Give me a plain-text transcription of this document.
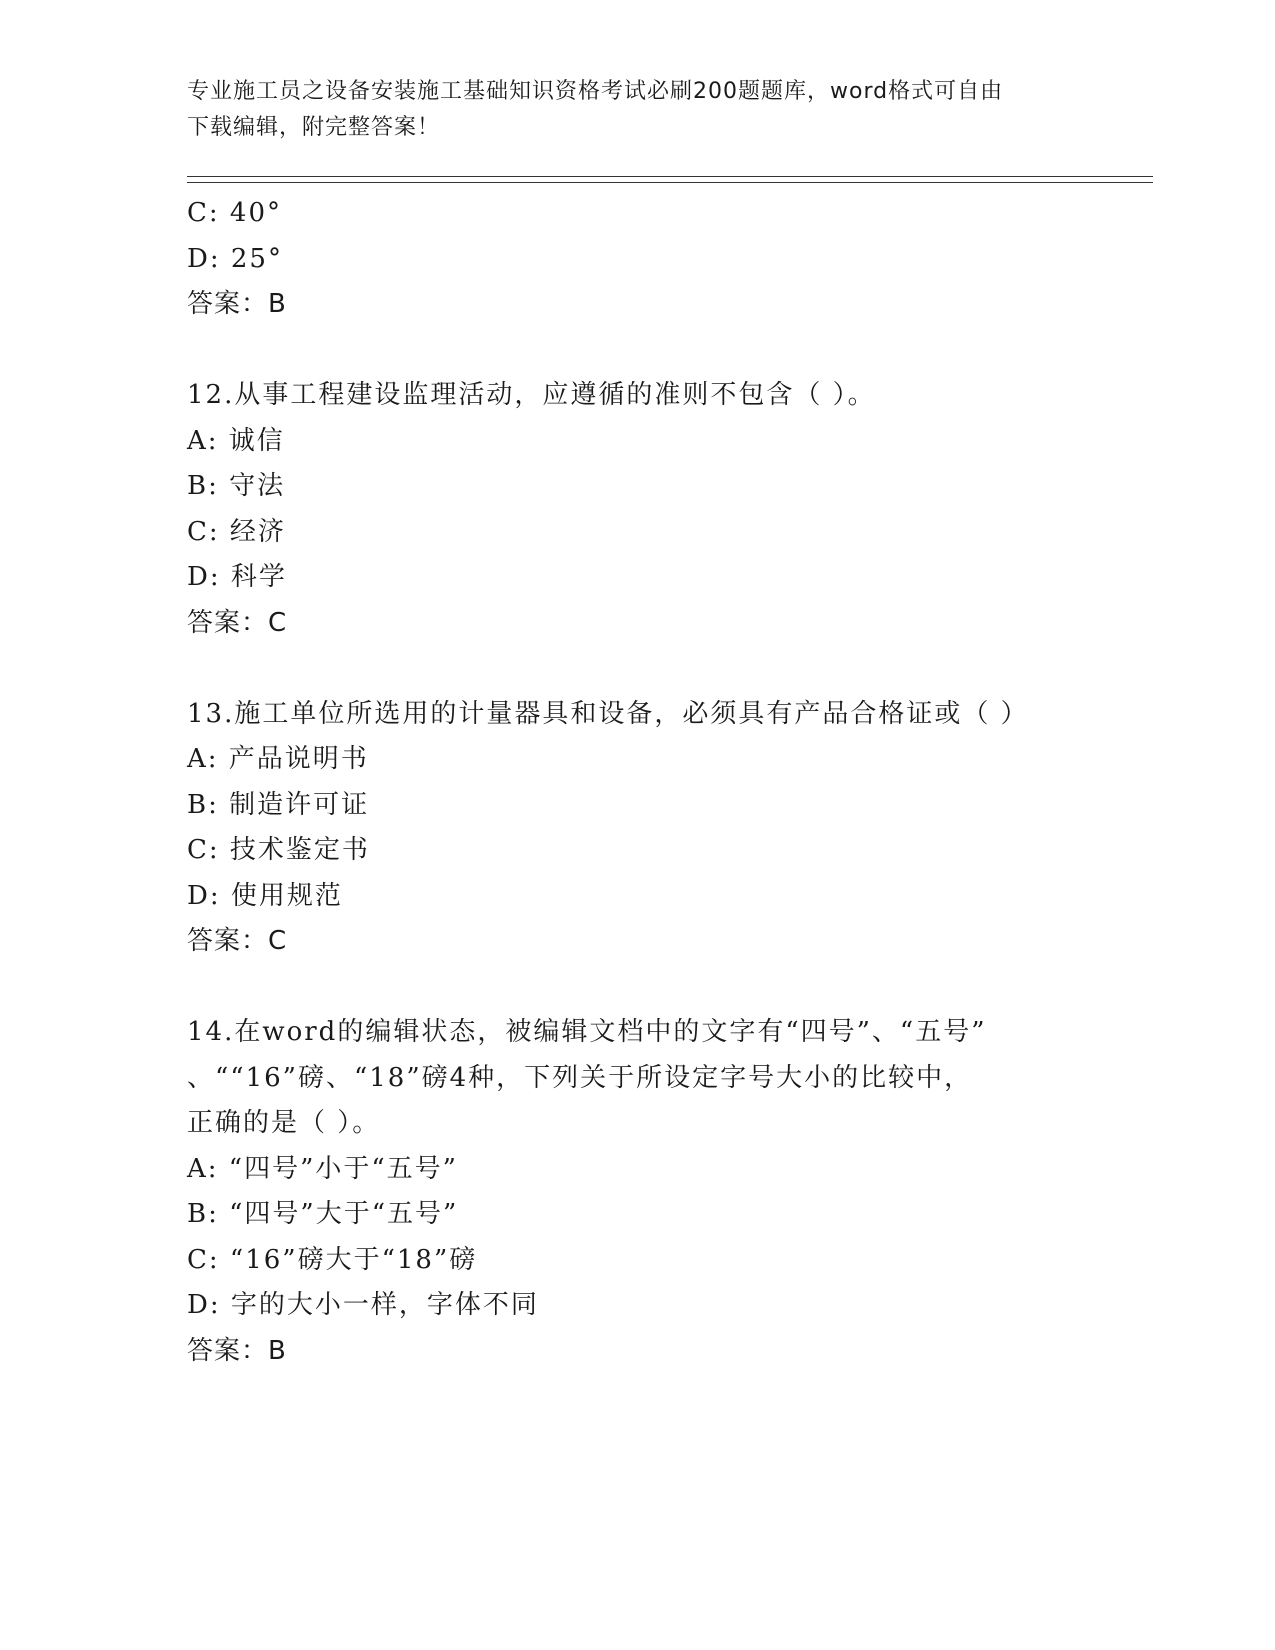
专业施工员之设备安装施工基础知识资格考试必刷200题题库，word格式可自由
下载编辑，附完整答案！
C: 40°
D: 25°
答案：B
12.从事工程建设监理活动，应遵循的准则不包含（ ）。
A: 诚信
B: 守法
C: 经济
D: 科学
答案：C
13.施工单位所选用的计量器具和设备，必须具有产品合格证或（ ）
A: 产品说明书
B: 制造许可证
C: 技术鉴定书
D: 使用规范
答案：C
14.在word的编辑状态，被编辑文档中的文字有“四号”、“五号”
、““16”磅、“18”磅4种，下列关于所设定字号大小的比较中，
正确的是（ ）。
A: “四号”小于“五号”
B: “四号”大于“五号”
C: “16”磅大于“18”磅
D: 字的大小一样，字体不同
答案：B
